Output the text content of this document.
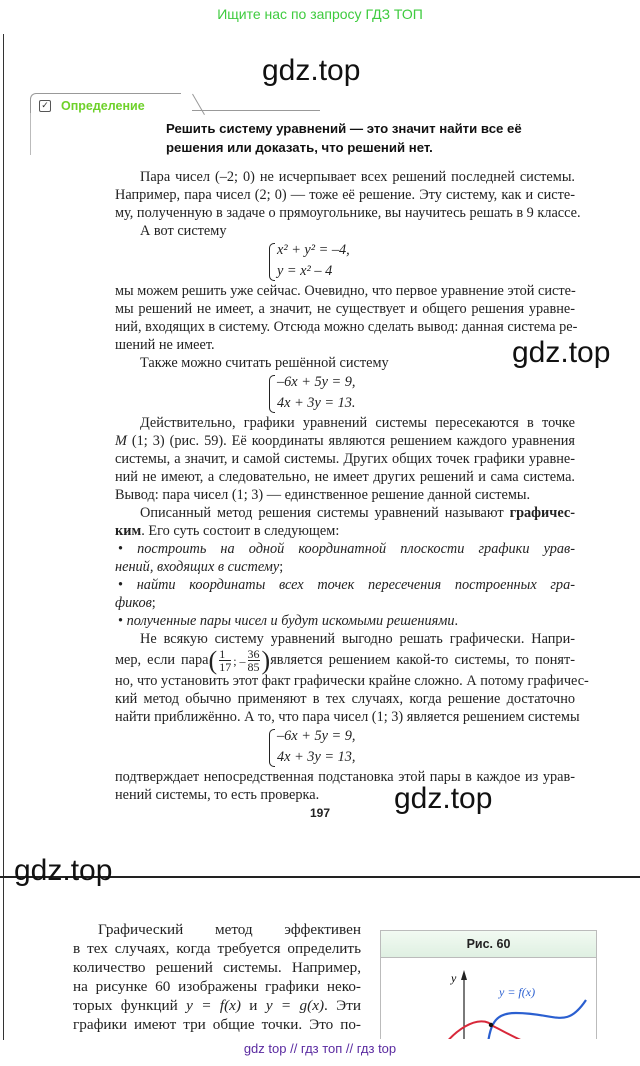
Ищите нас по запросу ГДЗ ТОП
gdz.top
✓ Определение
Решить систему уравнений — это значит найти все её решения или доказать, что решений нет.
Пара чисел (–2; 0) не исчерпывает всех решений последней системы.
Например, пара чисел (2; 0) — тоже её решение. Эту систему, как и систе-
му, полученную в задаче о прямоугольнике, вы научитесь решать в 9 классе.
А вот систему
x² + y² = –4,
y = x² – 4
мы можем решить уже сейчас. Очевидно, что первое уравнение этой систе-
мы решений не имеет, а значит, не существует и общего решения уравне-
ний, входящих в систему. Отсюда можно сделать вывод: данная система ре-
шений не имеет.
Также можно считать решённой систему
–6x + 5y = 9,
4x + 3y = 13.
Действительно, графики уравнений системы пересекаются в точке
M (1; 3) (рис. 59). Её координаты являются решением каждого уравнения
системы, а значит, и самой системы. Других общих точек графики уравне-
ний не имеют, а следовательно, не имеет других решений и сама система.
Вывод: пара чисел (1; 3) — единственное решение данной системы.
Описанный метод решения системы уравнений называют графичес-
ким. Его суть состоит в следующем:
• построить на одной координатной плоскости графики урав-
нений, входящих в систему;
• найти координаты всех точек пересечения построенных гра-
фиков;
• полученные пары чисел и будут искомыми решениями.
Не всякую систему уравнений выгодно решать графически. Напри-
мер, если пара ( $\frac{1}{17}$ ; – $\frac{36}{85}$ ) является решением какой-то системы, то понят-
но, что установить этот факт графически крайне сложно. А потому графичес-
кий метод обычно применяют в тех случаях, когда решение достаточно
найти приближённо. А то, что пара чисел (1; 3) является решением системы
–6x + 5y = 9,
4x + 3y = 13,
подтверждает непосредственная подстановка этой пары в каждое из урав-
нений системы, то есть проверка.
gdz.top
gdz.top
197
gdz.top
Графический метод эффективен
в тех случаях, когда требуется определить
количество решений системы. Например,
на рисунке 60 изображены графики неко-
торых функций y = f(x) и y = g(x). Эти
графики имеют три общие точки. Это по-
Рис. 60
y
y = f(x)
gdz top // гдз топ // гдз top
